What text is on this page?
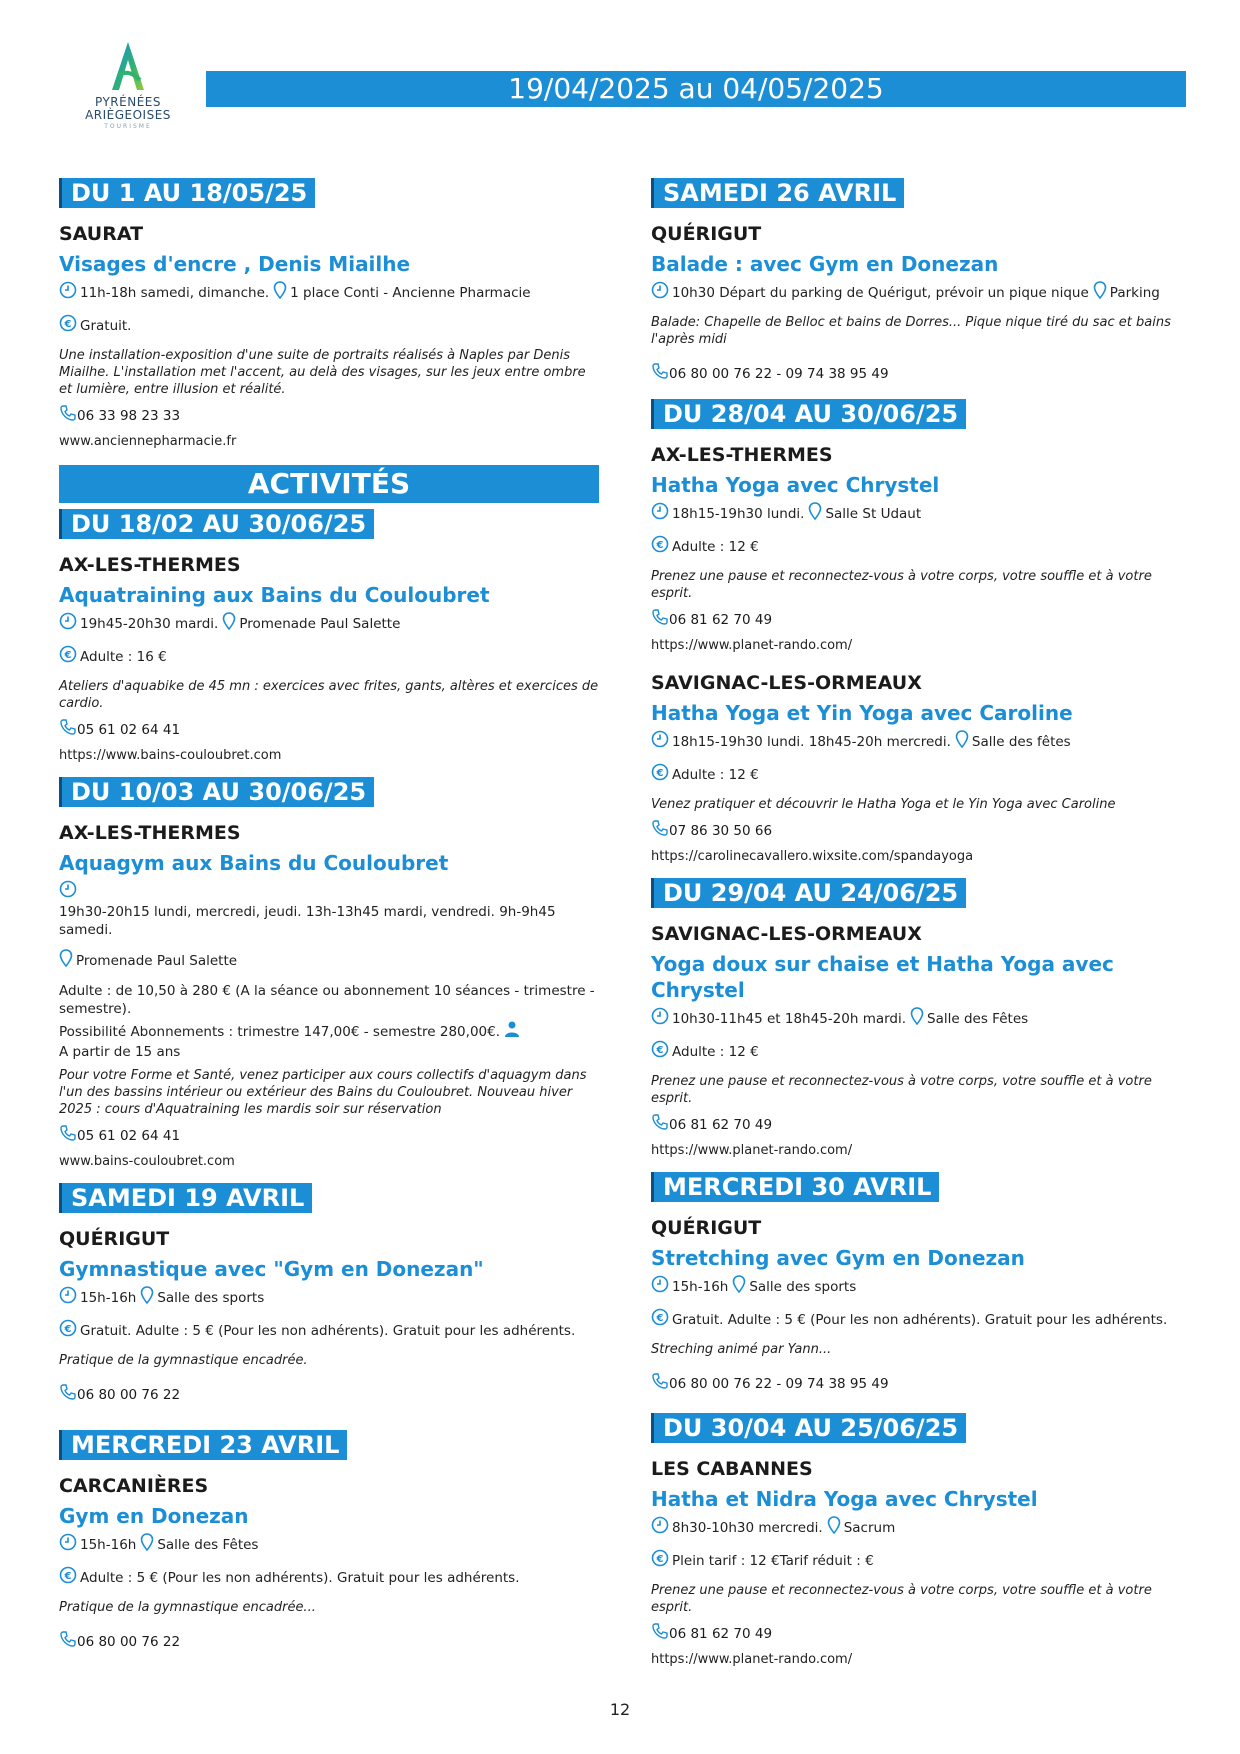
PYRÉNÉES
ARIÈGEOISES
TOURISME
19/04/2025 au 04/05/2025
DU 1 AU 18/05/25
SAURAT
Visages d'encre , Denis Miailhe
11h-18h samedi, dimanche. 1 place Conti - Ancienne Pharmacie
€ Gratuit.
Une installation-exposition d'une suite de portraits réalisés à Naples par Denis Miailhe. L'installation met l'accent, au delà des visages, sur les jeux entre ombre et lumière, entre illusion et réalité.
06 33 98 23 33
www.anciennepharmacie.fr
ACTIVITÉS
DU 18/02 AU 30/06/25
AX-LES-THERMES
Aquatraining aux Bains du Couloubret
19h45-20h30 mardi. Promenade Paul Salette
€ Adulte : 16 €
Ateliers d'aquabike de 45 mn : exercices avec frites, gants, altères et exercices de cardio.
05 61 02 64 41
https://www.bains-couloubret.com
DU 10/03 AU 30/06/25
AX-LES-THERMES
Aquagym aux Bains du Couloubret
19h30-20h15 lundi, mercredi, jeudi. 13h-13h45 mardi, vendredi. 9h-9h45 samedi.
Promenade Paul Salette
Adulte : de 10,50 à 280 € (A la séance ou abonnement 10 séances - trimestre - semestre).
Possibilité Abonnements : trimestre 147,00€ - semestre 280,00€.
A partir de 15 ans
Pour votre Forme et Santé, venez participer aux cours collectifs d'aquagym dans l'un des bassins intérieur ou extérieur des Bains du Couloubret. Nouveau hiver 2025 : cours d'Aquatraining les mardis soir sur réservation
05 61 02 64 41
www.bains-couloubret.com
SAMEDI 19 AVRIL
QUÉRIGUT
Gymnastique avec "Gym en Donezan"
15h-16h Salle des sports
€ Gratuit. Adulte : 5 € (Pour les non adhérents). Gratuit pour les adhérents.
Pratique de la gymnastique encadrée.
06 80 00 76 22
MERCREDI 23 AVRIL
CARCANIÈRES
Gym en Donezan
15h-16h Salle des Fêtes
€ Adulte : 5 € (Pour les non adhérents). Gratuit pour les adhérents.
Pratique de la gymnastique encadrée...
06 80 00 76 22
SAMEDI 26 AVRIL
QUÉRIGUT
Balade : avec Gym en Donezan
10h30 Départ du parking de Quérigut, prévoir un pique nique Parking
Balade: Chapelle de Belloc et bains de Dorres... Pique nique tiré du sac et bains l'après midi
06 80 00 76 22 - 09 74 38 95 49
DU 28/04 AU 30/06/25
AX-LES-THERMES
Hatha Yoga avec Chrystel
18h15-19h30 lundi. Salle St Udaut
€ Adulte : 12 €
Prenez une pause et reconnectez-vous à votre corps, votre souffle et à votre esprit.
06 81 62 70 49
https://www.planet-rando.com/
SAVIGNAC-LES-ORMEAUX
Hatha Yoga et Yin Yoga avec Caroline
18h15-19h30 lundi. 18h45-20h mercredi. Salle des fêtes
€ Adulte : 12 €
Venez pratiquer et découvrir le Hatha Yoga et le Yin Yoga avec Caroline
07 86 30 50 66
https://carolinecavallero.wixsite.com/spandayoga
DU 29/04 AU 24/06/25
SAVIGNAC-LES-ORMEAUX
Yoga doux sur chaise et Hatha Yoga avec Chrystel
10h30-11h45 et 18h45-20h mardi. Salle des Fêtes
€ Adulte : 12 €
Prenez une pause et reconnectez-vous à votre corps, votre souffle et à votre esprit.
06 81 62 70 49
https://www.planet-rando.com/
MERCREDI 30 AVRIL
QUÉRIGUT
Stretching avec Gym en Donezan
15h-16h Salle des sports
€ Gratuit. Adulte : 5 € (Pour les non adhérents). Gratuit pour les adhérents.
Streching animé par Yann...
06 80 00 76 22 - 09 74 38 95 49
DU 30/04 AU 25/06/25
LES CABANNES
Hatha et Nidra Yoga avec Chrystel
8h30-10h30 mercredi. Sacrum
€ Plein tarif : 12 €Tarif réduit : €
Prenez une pause et reconnectez-vous à votre corps, votre souffle et à votre esprit.
06 81 62 70 49
https://www.planet-rando.com/
12
